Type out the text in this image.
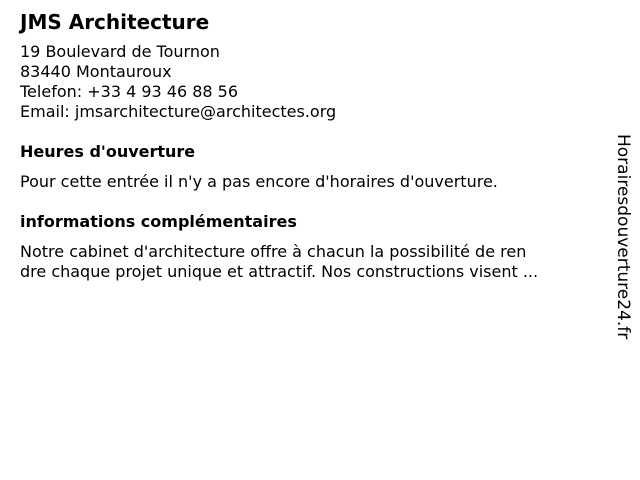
JMS Architecture
19 Boulevard de Tournon
83440 Montauroux
Telefon: +33 4 93 46 88 56
Email: jmsarchitecture@architectes.org
Heures d'ouverture
Pour cette entrée il n'y a pas encore d'horaires d'ouverture.
informations complémentaires
Notre cabinet d'architecture offre à chacun la possibilité de ren
dre chaque projet unique et attractif. Nos constructions visent ...	Horairesdouverture24.fr
